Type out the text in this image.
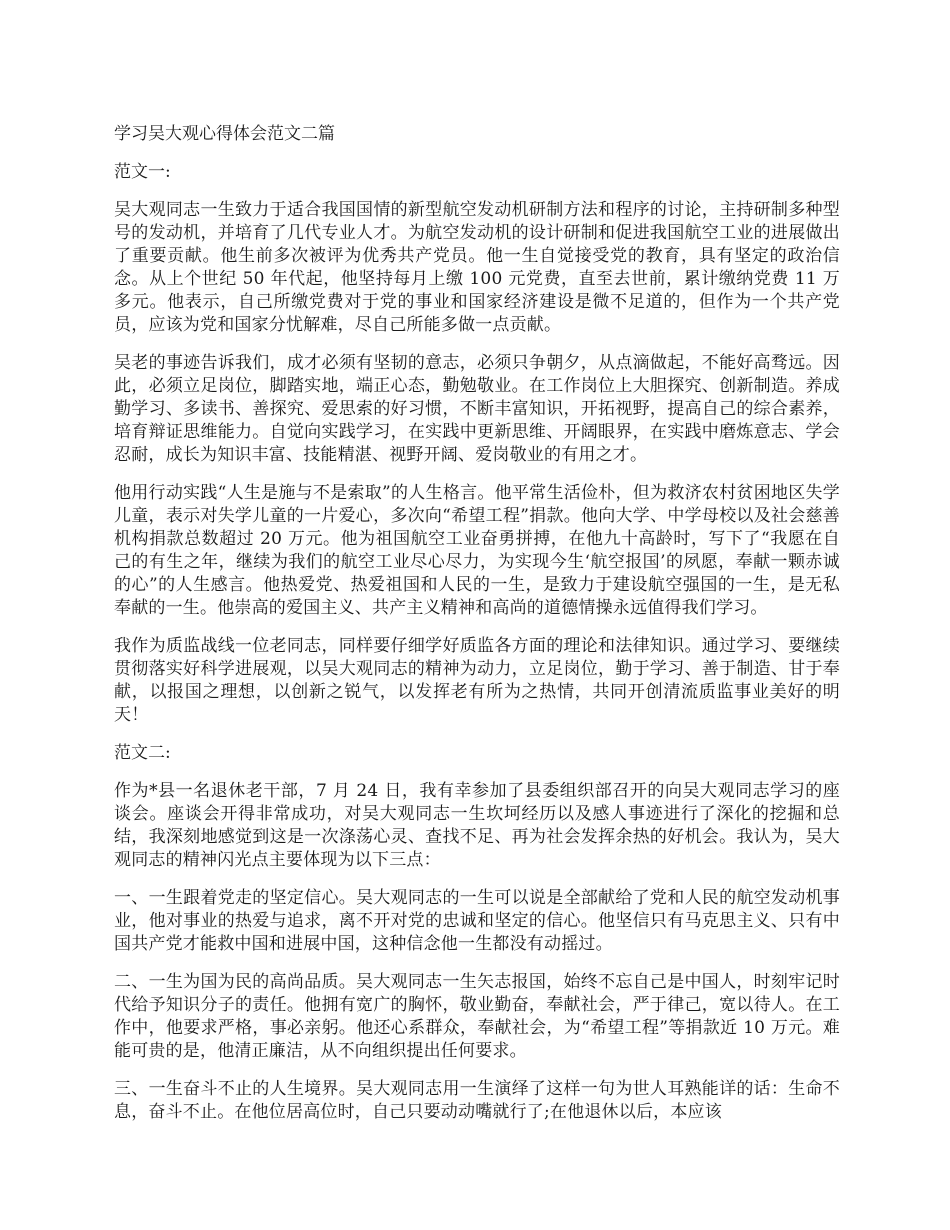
学习吴大观心得体会范文二篇

范文一:

吴大观同志一生致力于适合我国国情的新型航空发动机研制方法和程序的讨论，主持研制多种型号的发动机，并培育了几代专业人才。为航空发动机的设计研制和促进我国航空工业的进展做出了重要贡献。他生前多次被评为优秀共产党员。他一生自觉接受党的教育，具有坚定的政治信念。从上个世纪 50 年代起，他坚持每月上缴 100 元党费，直至去世前，累计缴纳党费 11 万多元。他表示，自己所缴党费对于党的事业和国家经济建设是微不足道的，但作为一个共产党员，应该为党和国家分忧解难，尽自己所能多做一点贡献。

吴老的事迹告诉我们，成才必须有坚韧的意志，必须只争朝夕，从点滴做起，不能好高骛远。因此，必须立足岗位，脚踏实地，端正心态，勤勉敬业。在工作岗位上大胆探究、创新制造。养成勤学习、多读书、善探究、爱思索的好习惯，不断丰富知识，开拓视野，提高自己的综合素养，培育辩证思维能力。自觉向实践学习，在实践中更新思维、开阔眼界，在实践中磨炼意志、学会忍耐，成长为知识丰富、技能精湛、视野开阔、爱岗敬业的有用之才。

他用行动实践“人生是施与不是索取”的人生格言。他平常生活俭朴，但为救济农村贫困地区失学儿童，表示对失学儿童的一片爱心，多次向“希望工程”捐款。他向大学、中学母校以及社会慈善机构捐款总数超过 20 万元。他为祖国航空工业奋勇拼搏，在他九十高龄时，写下了“我愿在自己的有生之年，继续为我们的航空工业尽心尽力，为实现今生‘航空报国’的夙愿，奉献一颗赤诚的心”的人生感言。他热爱党、热爱祖国和人民的一生，是致力于建设航空强国的一生，是无私奉献的一生。他崇高的爱国主义、共产主义精神和高尚的道德情操永远值得我们学习。

我作为质监战线一位老同志，同样要仔细学好质监各方面的理论和法律知识。通过学习、要继续贯彻落实好科学进展观，以吴大观同志的精神为动力，立足岗位，勤于学习、善于制造、甘于奉献，以报国之理想，以创新之锐气，以发挥老有所为之热情，共同开创清流质监事业美好的明天！

范文二:

作为*县一名退休老干部，7 月 24 日，我有幸参加了县委组织部召开的向吴大观同志学习的座谈会。座谈会开得非常成功，对吴大观同志一生坎坷经历以及感人事迹进行了深化的挖掘和总结，我深刻地感觉到这是一次涤荡心灵、查找不足、再为社会发挥余热的好机会。我认为，吴大观同志的精神闪光点主要体现为以下三点：

一、一生跟着党走的坚定信心。吴大观同志的一生可以说是全部献给了党和人民的航空发动机事业，他对事业的热爱与追求，离不开对党的忠诚和坚定的信心。他坚信只有马克思主义、只有中国共产党才能救中国和进展中国，这种信念他一生都没有动摇过。

二、一生为国为民的高尚品质。吴大观同志一生矢志报国，始终不忘自己是中国人，时刻牢记时代给予知识分子的责任。他拥有宽广的胸怀，敬业勤奋，奉献社会，严于律己，宽以待人。在工作中，他要求严格，事必亲躬。他还心系群众，奉献社会，为“希望工程”等捐款近 10 万元。难能可贵的是，他清正廉洁，从不向组织提出任何要求。

三、一生奋斗不止的人生境界。吴大观同志用一生演绎了这样一句为世人耳熟能详的话：生命不息，奋斗不止。在他位居高位时，自己只要动动嘴就行了;在他退休以后，本应该
